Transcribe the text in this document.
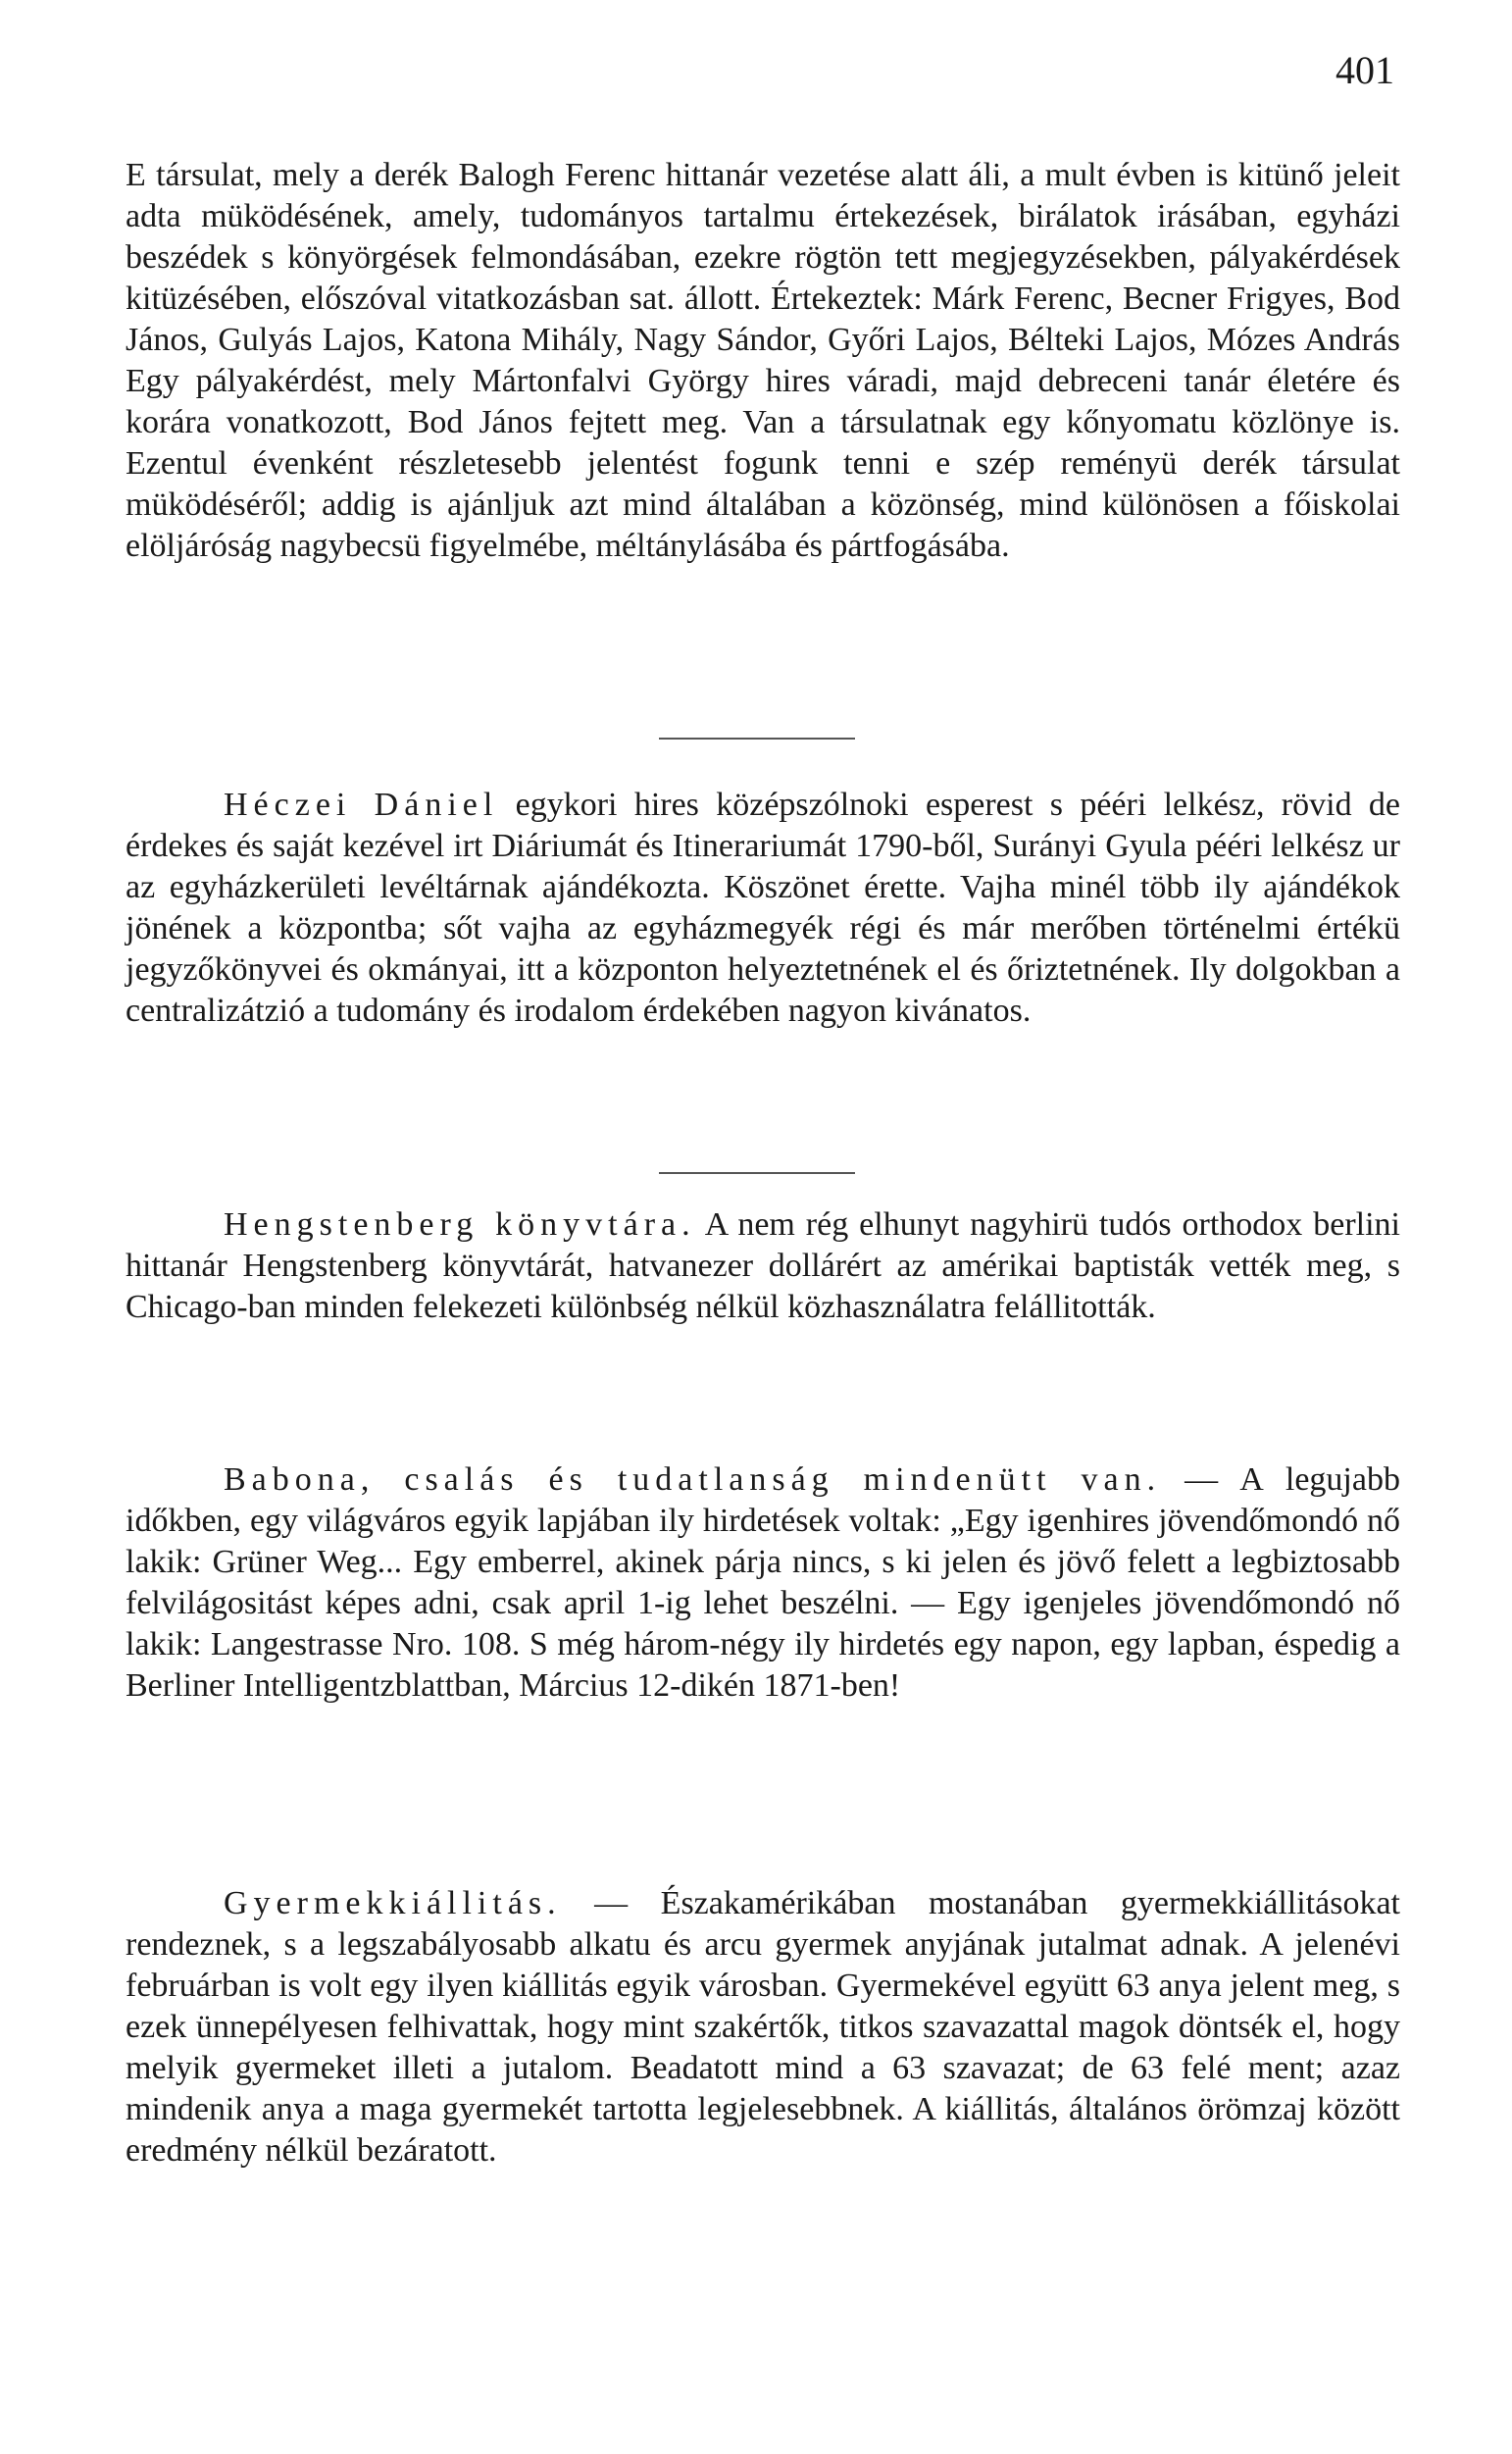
401

E társulat, mely a derék Balogh Ferenc hittanár vezetése alatt áli, a mult évben is kitünő jeleit adta müködésének, amely, tudományos tartalmu értekezések, birálatok irásában, egyházi beszédek s könyörgések felmondásában, ezekre rögtön tett megjegyzésekben, pályakérdések kitüzésében, előszóval vitatkozásban sat. állott. Értekeztek: Márk Ferenc, Becner Frigyes, Bod János, Gulyás Lajos, Katona Mihály, Nagy Sándor, Győri Lajos, Bélteki Lajos, Mózes András Egy pályakérdést, mely Mártonfalvi György hires váradi, majd debreceni tanár életére és korára vonatkozott, Bod János fejtett meg. Van a társulatnak egy kőnyomatu közlönye is. Ezentul évenként részletesebb jelentést fogunk tenni e szép reményü derék társulat müködéséről; addig is ajánljuk azt mind általában a közönség, mind különösen a főiskolai elöljáróság nagybecsü figyelmébe, méltánylásába és pártfogásába.

Héczei Dániel egykori hires középszólnoki esperest s pééri lelkész, rövid de érdekes és saját kezével irt Diáriumát és Itinerariumát 1790-ből, Surányi Gyula pééri lelkész ur az egyházkerületi levéltárnak ajándékozta. Köszönet érette. Vajha minél több ily ajándékok jönének a központba; sőt vajha az egyházmegyék régi és már merőben történelmi értékü jegyzőkönyvei és okmányai, itt a központon helyeztetnének el és őriztetnének. Ily dolgokban a centralizátzió a tudomány és irodalom érdekében nagyon kivánatos.

Hengstenberg könyvtára. A nem rég elhunyt nagyhirü tudós orthodox berlini hittanár Hengstenberg könyvtárát, hatvanezer dollárért az amérikai baptisták vették meg, s Chicago-ban minden felekezeti különbség nélkül közhasználatra felállitották.

Babona, csalás és tudatlanság mindenütt van. — A legujabb időkben, egy világváros egyik lapjában ily hirdetések voltak: „Egy igenhires jövendőmondó nő lakik: Grüner Weg... Egy emberrel, akinek párja nincs, s ki jelen és jövő felett a legbiztosabb felvilágositást képes adni, csak april 1-ig lehet beszélni. — Egy igenjeles jövendőmondó nő lakik: Langestrasse Nro. 108. S még három-négy ily hirdetés egy napon, egy lapban, éspedig a Berliner Intelligentzblattban, Március 12-dikén 1871-ben!

Gyermekkiállitás. — Északamérikában mostanában gyermekkiállitásokat rendeznek, s a legszabályosabb alkatu és arcu gyermek anyjának jutalmat adnak. A jelenévi februárban is volt egy ilyen kiállitás egyik városban. Gyermekével együtt 63 anya jelent meg, s ezek ünnepélyesen felhivattak, hogy mint szakértők, titkos szavazattal magok döntsék el, hogy melyik gyermeket illeti a jutalom. Beadatott mind a 63 szavazat; de 63 felé ment; azaz mindenik anya a maga gyermekét tartotta legjelesebbnek. A kiállitás, általános örömzaj között eredmény nélkül bezáratott.
